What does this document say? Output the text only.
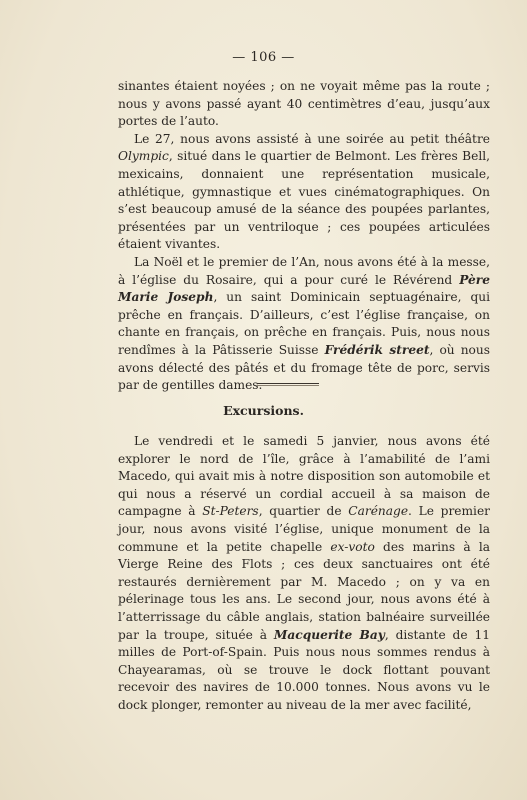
— 106 —

sinantes étaient noyées ; on ne voyait même pas la route ; nous y avons passé ayant 40 centimètres d’eau, jusqu’aux portes de l’auto.

Le 27, nous avons assisté à une soirée au petit théâtre Olympic, situé dans le quartier de Belmont. Les frères Bell, mexicains, donnaient une représentation musicale, athlétique, gymnastique et vues cinématographiques. On s’est beaucoup amusé de la séance des poupées parlantes, présentées par un ventriloque ; ces poupées articulées étaient vivantes.

La Noël et le premier de l’An, nous avons été à la messe, à l’église du Rosaire, qui a pour curé le Révérend Père Marie Joseph, un saint Dominicain septuagénaire, qui prêche en français. D’ailleurs, c’est l’église française, on chante en français, on prêche en français. Puis, nous nous rendîmes à la Pâtisserie Suisse Frédérik street, où nous avons délecté des pâtés et du fromage tête de porc, servis par de gentilles dames.

Excursions.

Le vendredi et le samedi 5 janvier, nous avons été explorer le nord de l’île, grâce à l’amabilité de l’ami Macedo, qui avait mis à notre disposition son automobile et qui nous a réservé un cordial accueil à sa maison de campagne à St-Peters, quartier de Carénage. Le premier jour, nous avons visité l’église, unique monument de la commune et la petite chapelle ex-voto des marins à la Vierge Reine des Flots ; ces deux sanctuaires ont été restaurés dernièrement par M. Macedo ; on y va en pélerinage tous les ans. Le second jour, nous avons été à l’atterrissage du câble anglais, station balnéaire surveillée par la troupe, située à Macquerite Bay, distante de 11 milles de Port-of-Spain. Puis nous nous sommes rendus à Chayearamas, où se trouve le dock flottant pouvant recevoir des navires de 10.000 tonnes. Nous avons vu le dock plonger, remonter au niveau de la mer avec facilité,
